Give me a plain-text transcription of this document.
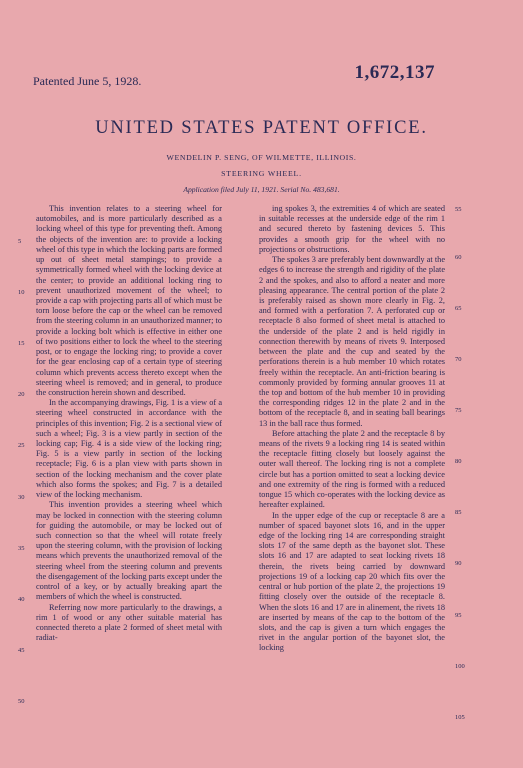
Patented June 5, 1928.	1,672,137
UNITED STATES PATENT OFFICE.
WENDELIN P. SENG, OF WILMETTE, ILLINOIS.
STEERING WHEEL.
Application filed July 11, 1921. Serial No. 483,681.

This invention relates to a steering wheel for automobiles, and is more particularly described as a locking wheel of this type for preventing theft. Among the objects of the invention are: to provide a locking wheel of this type in which the locking parts are formed up out of sheet metal stampings; to provide a symmetrically formed wheel with the locking device at the center; to provide an additional locking ring to prevent unauthorized movement of the wheel; to provide a cap with projecting parts all of which must be torn loose before the cap or the wheel can be removed from the steering column in an unauthorized manner; to provide a locking bolt which is effective in either one of two positions either to lock the wheel to the steering post, or to engage the locking ring; to provide a cover for the gear enclosing cap of a certain type of steering column which prevents access thereto except when the steering wheel is removed; and in general, to produce the construction herein shown and described.

In the accompanying drawings, Fig. 1 is a view of a steering wheel constructed in accordance with the principles of this invention; Fig. 2 is a sectional view of such a wheel; Fig. 3 is a view partly in section of the locking cap; Fig. 4 is a side view of the locking ring; Fig. 5 is a view partly in section of the locking receptacle; Fig. 6 is a plan view with parts shown in section of the locking mechanism and the cover plate which also forms the spokes; and Fig. 7 is a detailed view of the locking mechanism.

This invention provides a steering wheel which may be locked in connection with the steering column for guiding the automobile, or may be locked out of such connection so that the wheel will rotate freely upon the steering column, with the provision of locking means which prevents the unauthorized removal of the steering wheel from the steering column and prevents the disengagement of the locking parts except under the control of a key, or by actually breaking apart the members of which the wheel is constructed.

Referring now more particularly to the drawings, a rim 1 of wood or any other suitable material has connected thereto a plate 2 formed of sheet metal with radiat-

ing spokes 3, the extremities 4 of which are seated in suitable recesses at the underside edge of the rim 1 and secured thereto by fastening devices 5. This provides a smooth grip for the wheel with no projections or obstructions.

The spokes 3 are preferably bent downwardly at the edges 6 to increase the strength and rigidity of the plate 2 and the spokes, and also to afford a neater and more pleasing appearance. The central portion of the plate 2 is preferably raised as shown more clearly in Fig. 2, and formed with a perforation 7. A perforated cup or receptacle 8 also formed of sheet metal is attached to the underside of the plate 2 and is held rigidly in connection therewith by means of rivets 9. Interposed between the plate and the cup and seated by the perforations therein is a hub member 10 which rotates freely within the receptacle. An anti-friction bearing is commonly provided by forming annular grooves 11 at the top and bottom of the hub member 10 in providing the corresponding ridges 12 in the plate 2 and in the bottom of the receptacle 8, and in seating ball bearings 13 in the ball race thus formed.

Before attaching the plate 2 and the receptacle 8 by means of the rivets 9 a locking ring 14 is seated within the receptacle fitting closely but loosely against the outer wall thereof. The locking ring is not a complete circle but has a portion omitted to seat a locking device and one extremity of the ring is formed with a reduced tongue 15 which co-operates with the locking device as hereafter explained.

In the upper edge of the cup or receptacle 8 are a number of spaced bayonet slots 16, and in the upper edge of the locking ring 14 are corresponding straight slots 17 of the same depth as the bayonet slot. These slots 16 and 17 are adapted to seat locking rivets 18 therein, the rivets being carried by downward projections 19 of a locking cap 20 which fits over the central or hub portion of the plate 2, the projections 19 fitting closely over the outside of the receptacle 8. When the slots 16 and 17 are in alinement, the rivets 18 are inserted by means of the cap to the bottom of the slots, and the cap is given a turn which engages the rivet in the angular portion of the bayonet slot, the locking

5
10
15
20
25
30
35
40
45
50
55
60
65
70
75
80
85
90
95
100
105
